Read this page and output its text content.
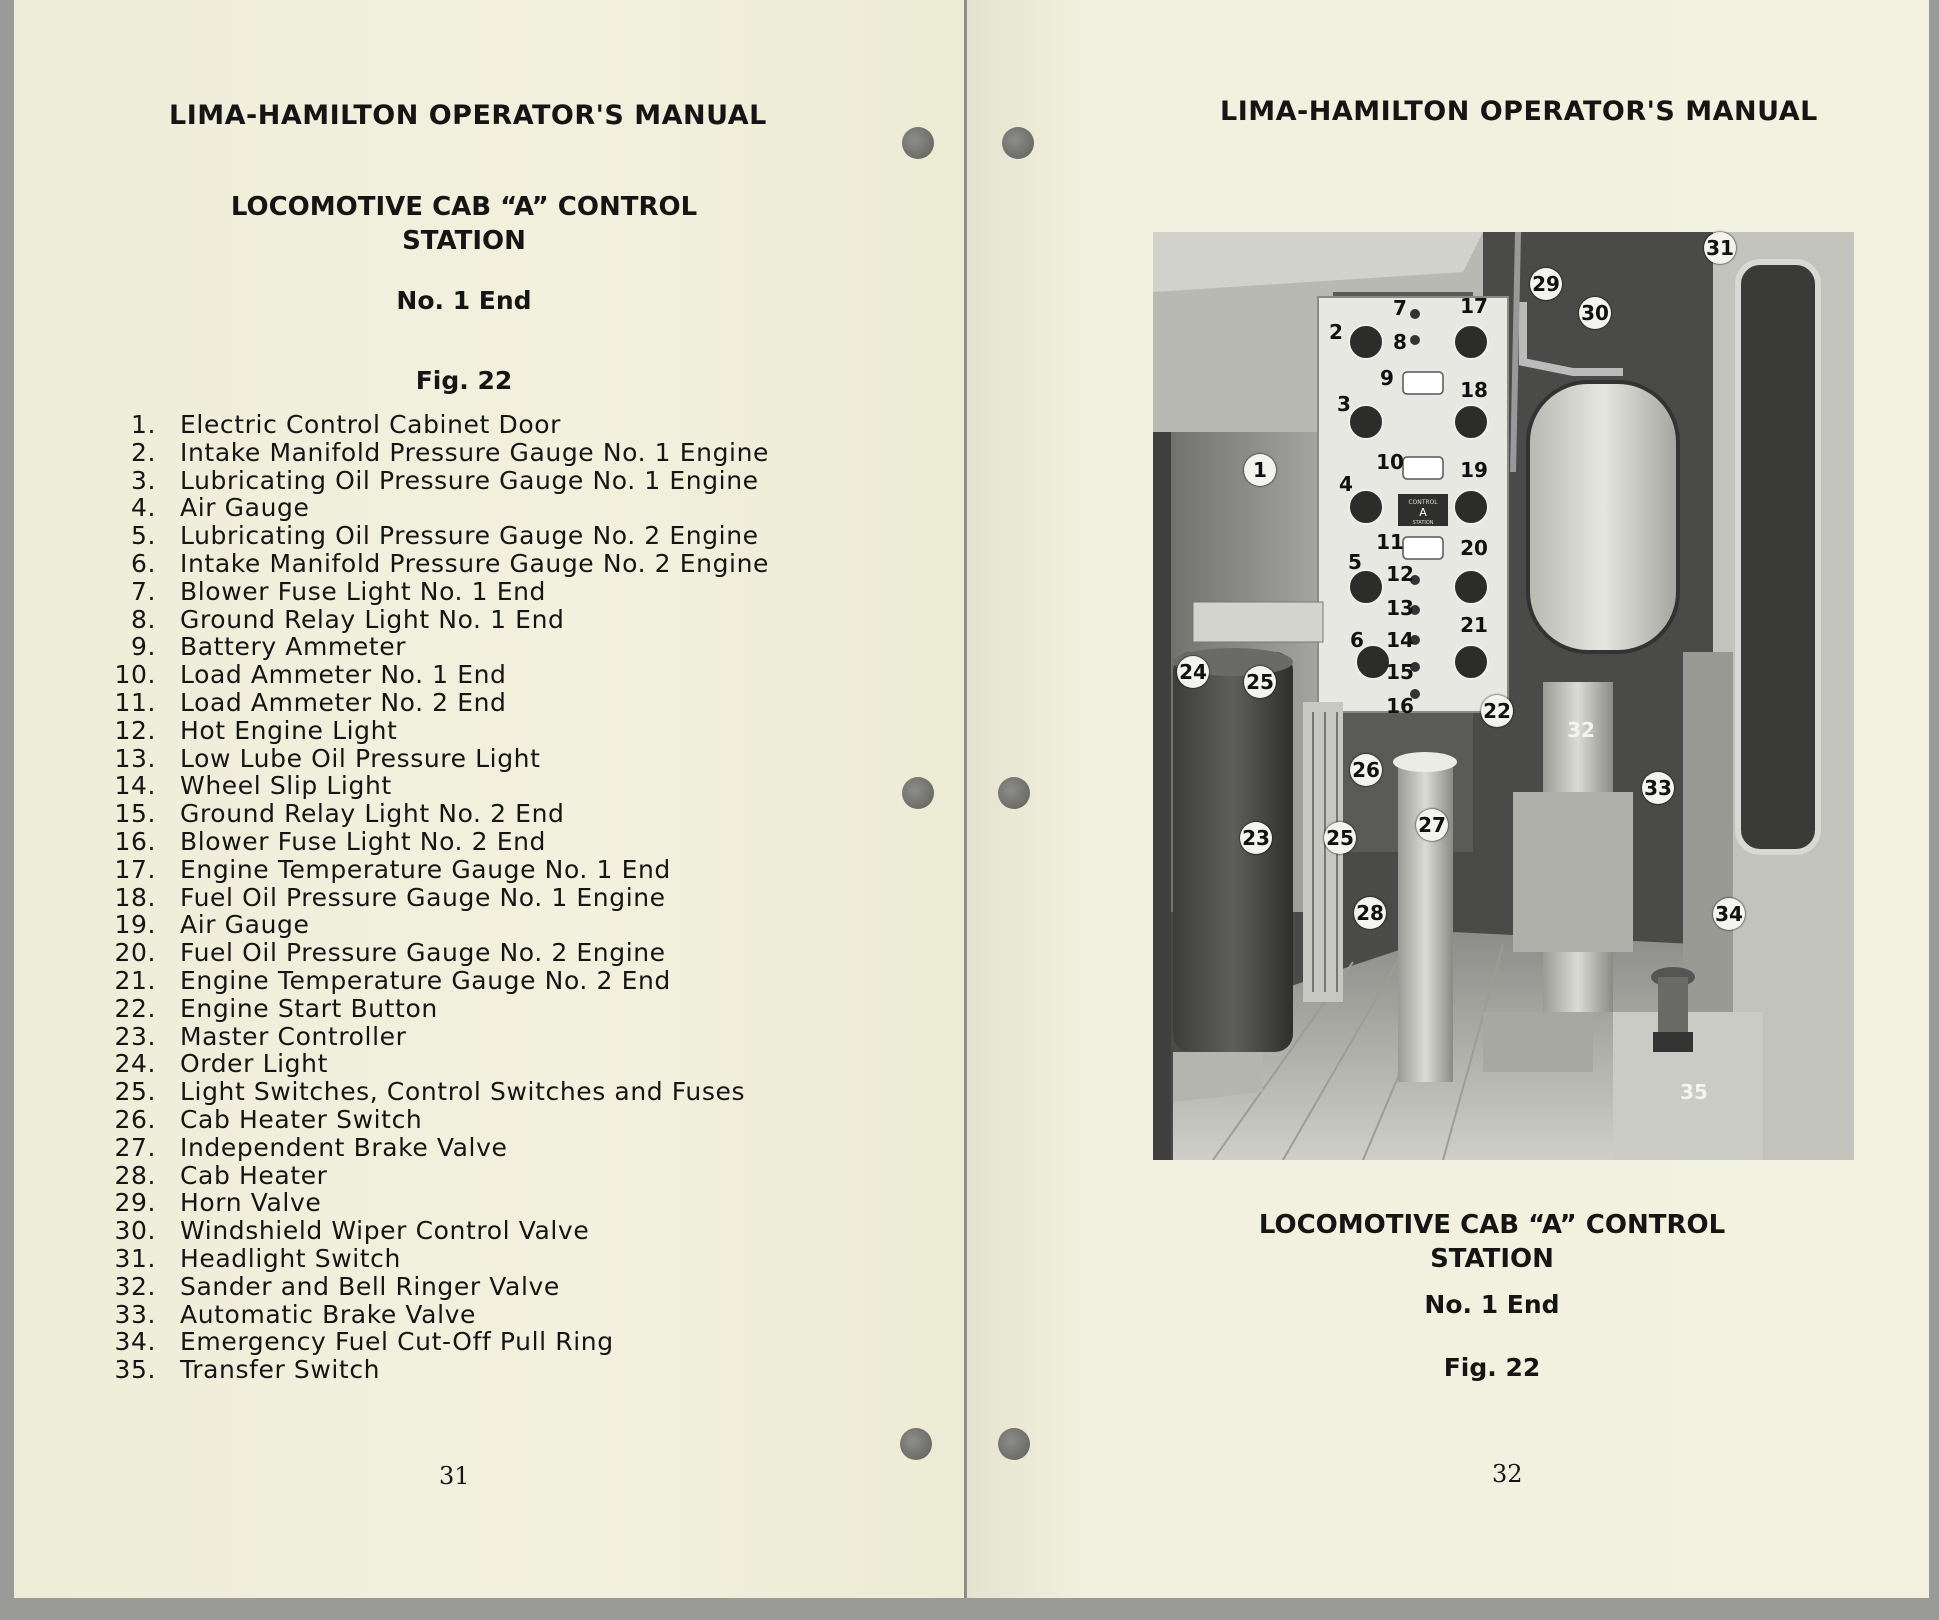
LIMA-HAMILTON OPERATOR'S MANUAL
LOCOMOTIVE CAB “A” CONTROL
STATION
No. 1 End
Fig. 22
1. Electric Control Cabinet Door
2. Intake Manifold Pressure Gauge No. 1 Engine
3. Lubricating Oil Pressure Gauge No. 1 Engine
4. Air Gauge
5. Lubricating Oil Pressure Gauge No. 2 Engine
6. Intake Manifold Pressure Gauge No. 2 Engine
7. Blower Fuse Light No. 1 End
8. Ground Relay Light No. 1 End
9. Battery Ammeter
10. Load Ammeter No. 1 End
11. Load Ammeter No. 2 End
12. Hot Engine Light
13. Low Lube Oil Pressure Light
14. Wheel Slip Light
15. Ground Relay Light No. 2 End
16. Blower Fuse Light No. 2 End
17. Engine Temperature Gauge No. 1 End
18. Fuel Oil Pressure Gauge No. 1 Engine
19. Air Gauge
20. Fuel Oil Pressure Gauge No. 2 Engine
21. Engine Temperature Gauge No. 2 End
22. Engine Start Button
23. Master Controller
24. Order Light
25. Light Switches, Control Switches and Fuses
26. Cab Heater Switch
27. Independent Brake Valve
28. Cab Heater
29. Horn Valve
30. Windshield Wiper Control Valve
31. Headlight Switch
32. Sander and Bell Ringer Valve
33. Automatic Brake Valve
34. Emergency Fuel Cut-Off Pull Ring
35. Transfer Switch
31
LIMA-HAMILTON OPERATOR'S MANUAL
LOCOMOTIVE CAB “A” CONTROL
STATION
No. 1 End
Fig. 22
32
CONTROL
A
STATION
1
2
3
4
5
6
7
8
9
10
11
12
13
14
15
16
17
18
19
20
21
22
23
24 25
25
26
27
28
29
30
31
32
33
34
35
